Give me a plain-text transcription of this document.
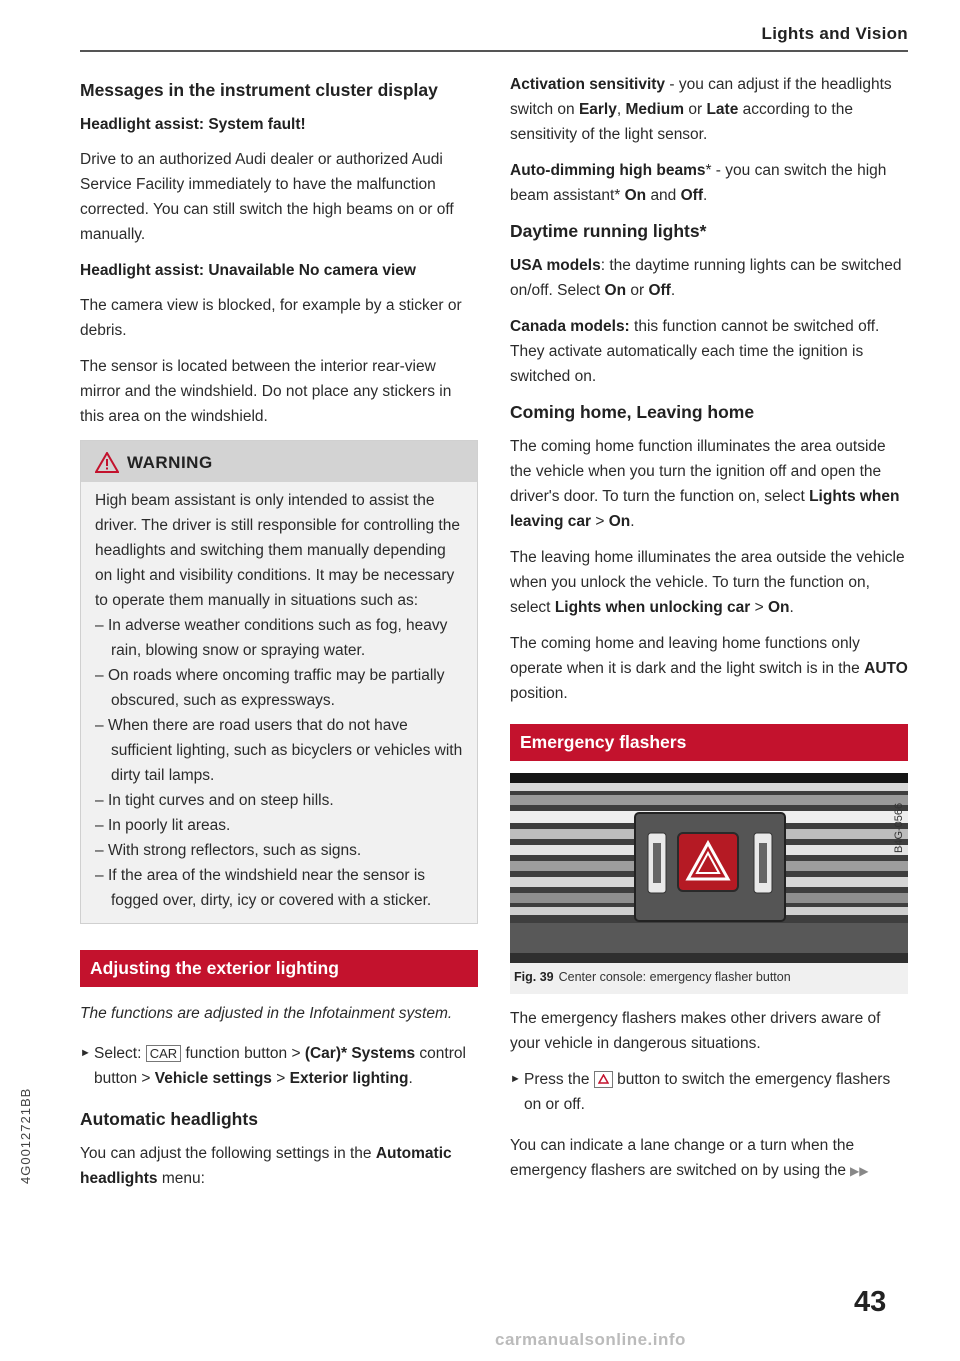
Lights and Vision
Messages in the instrument cluster display
Headlight assist: System fault!

Drive to an authorized Audi dealer or authorized Audi Service Facility immediately to have the malfunction corrected. You can still switch the high beams on or off manually.

Headlight assist: Unavailable No camera view

The camera view is blocked, for example by a sticker or debris.

The sensor is located between the interior rear-view mirror and the windshield. Do not place any stickers in this area on the windshield.

WARNING
High beam assistant is only intended to assist the driver. The driver is still responsible for controlling the headlights and switching them manually depending on light and visibility conditions. It may be necessary to operate them manually in situations such as:
– In adverse weather conditions such as fog, heavy rain, blowing snow or spraying water.
– On roads where oncoming traffic may be partially obscured, such as expressways.
– When there are road users that do not have sufficient lighting, such as bicyclers or vehicles with dirty tail lamps.
– In tight curves and on steep hills.
– In poorly lit areas.
– With strong reflectors, such as signs.
– If the area of the windshield near the sensor is fogged over, dirty, icy or covered with a sticker.
Adjusting the exterior lighting

The functions are adjusted in the Infotainment system.

► Select: CAR function button > (Car)* Systems control button > Vehicle settings > Exterior lighting.
Automatic headlights

You can adjust the following settings in the Automatic headlights menu:

Activation sensitivity - you can adjust if the headlights switch on Early, Medium or Late according to the sensitivity of the light sensor.

Auto-dimming high beams* - you can switch the high beam assistant* On and Off.

Daytime running lights*

USA models: the daytime running lights can be switched on/off. Select On or Off.

Canada models: this function cannot be switched off. They activate automatically each time the ignition is switched on.

Coming home, Leaving home

The coming home function illuminates the area outside the vehicle when you turn the ignition off and open the driver's door. To turn the function on, select Lights when leaving car > On.

The leaving home illuminates the area outside the vehicle when you unlock the vehicle. To turn the function on, select Lights when unlocking car > On.

The coming home and leaving home functions only operate when it is dark and the light switch is in the AUTO position.

Emergency flashers
B4G-0566
Fig. 39 Center console: emergency flasher button

The emergency flashers makes other drivers aware of your vehicle in dangerous situations.

► Press the button to switch the emergency flashers on or off.

You can indicate a lane change or a turn when the emergency flashers are switched on by using the ▶▶

4G0012721BB
43
carmanualsonline.info
